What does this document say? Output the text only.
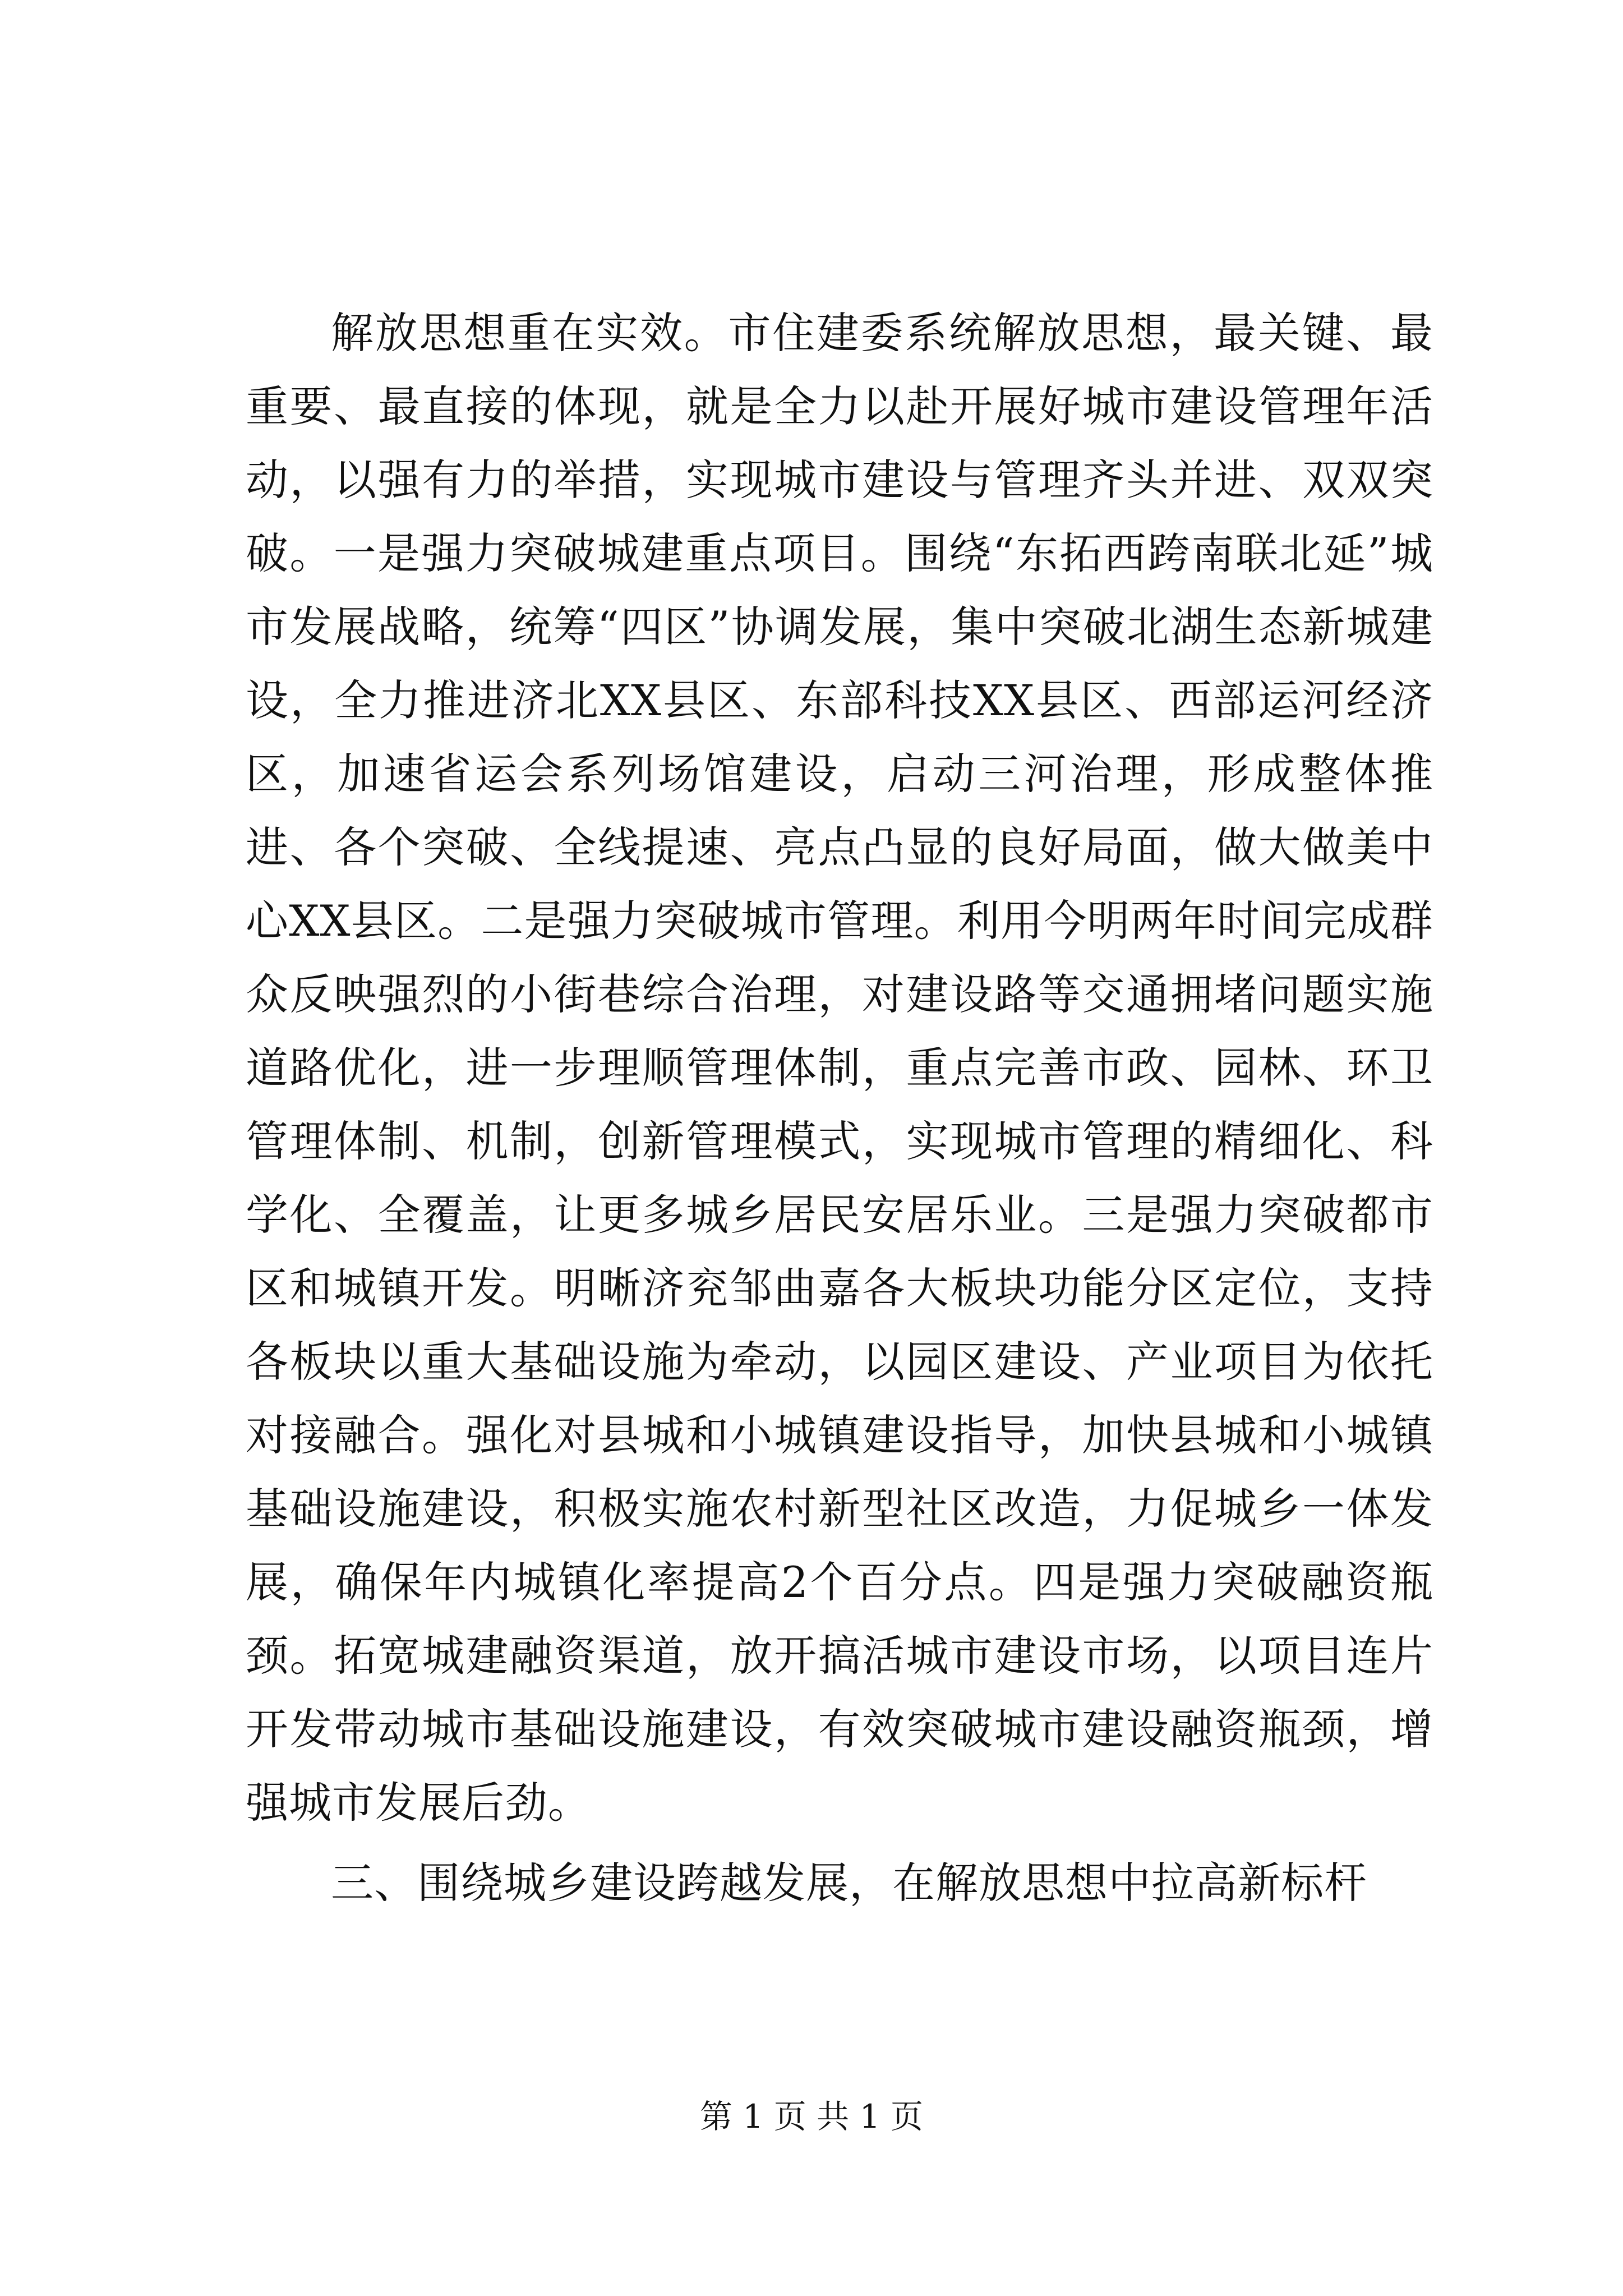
解放思想重在实效。市住建委系统解放思想，最关键、最重要、最直接的体现，就是全力以赴开展好城市建设管理年活动，以强有力的举措，实现城市建设与管理齐头并进、双双突破。一是强力突破城建重点项目。围绕“东拓西跨南联北延”城市发展战略，统筹“四区”协调发展，集中突破北湖生态新城建设，全力推进济北XX县区、东部科技XX县区、西部运河经济区，加速省运会系列场馆建设，启动三河治理，形成整体推进、各个突破、全线提速、亮点凸显的良好局面，做大做美中心XX县区。二是强力突破城市管理。利用今明两年时间完成群众反映强烈的小街巷综合治理，对建设路等交通拥堵问题实施道路优化，进一步理顺管理体制，重点完善市政、园林、环卫管理体制、机制，创新管理模式，实现城市管理的精细化、科学化、全覆盖，让更多城乡居民安居乐业。三是强力突破都市区和城镇开发。明晰济兖邹曲嘉各大板块功能分区定位，支持各板块以重大基础设施为牵动，以园区建设、产业项目为依托对接融合。强化对县城和小城镇建设指导，加快县城和小城镇基础设施建设，积极实施农村新型社区改造，力促城乡一体发展，确保年内城镇化率提高2个百分点。四是强力突破融资瓶颈。拓宽城建融资渠道，放开搞活城市建设市场，以项目连片开发带动城市基础设施建设，有效突破城市建设融资瓶颈，增强城市发展后劲。

三、围绕城乡建设跨越发展，在解放思想中拉高新标杆

第 1 页 共 1 页
